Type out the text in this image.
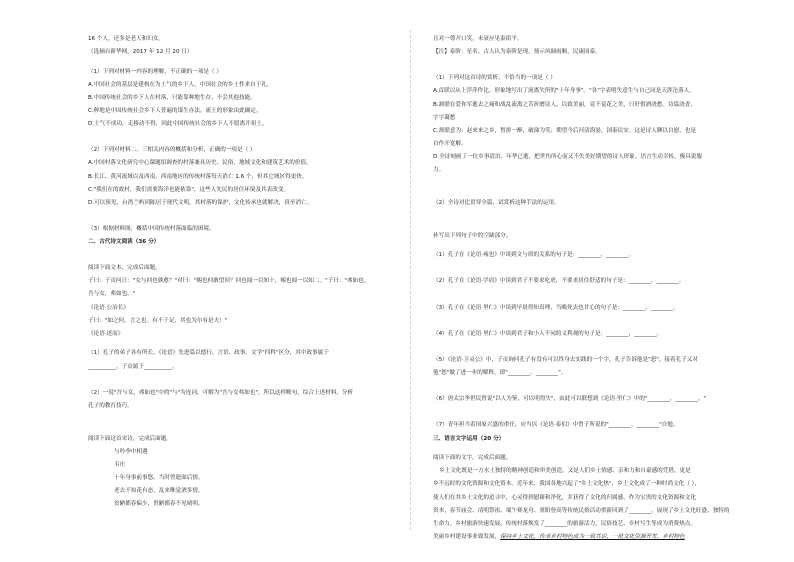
16 个人，还多是老人和妇女。

（选摘自新华网，2017 年 12 月 20 日）

（1）下列对材料一内容的理解，不正确的一项是（ ）

A.中国社会的基层是建构在为土气的乡下人，中国社会的乡土性来自于礼。

B.中国传统社会的乡下人在村落，只能靠种地生存，不会其他技能。

C.种地是中国传统社会乡下人普遍的谋生办法，流土的形象由此确定。

D.土气不成功，走移动不得，因此中国传统社会的乡下人不愿离开祖土。

（2）下列对材料二、三相关内容的概括和分析，正确的一项是（ ）

A.中国村落文化研究中心课题组调查的村落兼具历史、民俗，地域文化和建筑艺术的价值。

B.长江、黄河流域以及西南、西南地区的传统村落每天消亡 1.6 个，但其它域区得更快。

C."我们在的故村，我们需要海洋也能依靠"，这些人先民的居住环境及其表改变。

D.可以预见，台湾兰屿因陈居于现代文明，其村落的保护、文化传承也就解决，真至消亡。

（3）根据材料图，概括中国传统村落面临的困境。

二、古代诗文阅读（36 分）

阅读下面文本，完成后面题。

子曰：子贡问日："女与回也孰愈？"对曰："赐也何敢望回？回也闻一以知十，赐也闻一以知二。"子曰："弗如也。

吾与女，弗如也。"

《论语·公冶长》

子曰："如之何，言之也。有不于足，其也为尔有是夫！"

《论语·述而》

（1）孔子的弟子各有所长，《论语》先进篇以德行、言语、政事、文学"四科"区分，其中政事属于

__________，子贡属于__________。

（2）一说"吾与女，弗如也"中的"与"为连词，可解为"吾与女弗如也"，所以这样断句。综合上述材料，分析

孔子的教育技巧。

阅读下面这首宋诗，完成后面题。

与吟李中相遇

韦庄

十年身事前事悠，当时曾逝面后情。

老去不知花有态，乱来唯觉酒多情。

贫陋都春偏少，贵陋都春不见晴明。

且对一尊开口笑，未衰应见泰街平。

【注】泰阶：星名。古人认为泰阶是现，预示风调雨顺，民康国泰。

（1）下列对这首诗的赏析，不恰当的一项是（ ）

A.首联以从上浮萍作比，形象地写出了流离失所的"十年身事"。"各"字表明失意生与自己同是天涯沦落人。

B.颔联在爱你军逝去之痛和战乱流离之苦折磨诗人，以致美丽，竟不觉花之美，只好借酒浇愁。诗篇浇香，

字字凝愁

C.颈联意为：赵来来之乡，暂拼一醉，破涕为笑；期望今后河清海晏，国泰民安。这是诗人聊以自慰，也是

自作开宽解。

D.全诗刻画了一位乡事清泊、年华已逝，把世伤所心而又不失美好期望的诗人形象。语言生动幸转，极具说服

力。

（2）全诗对比贯穿全篇，试赏析这种手法的运用。

补写出下列句子中的空缺部分。

（1）孔子在《论语·雍也》中谈到文与质的关系的句子是：________，________。

（2）孔子在《论语·学而》中谈到君子不要求吃虐，不要求居住舒适的句子是：________，________。

（3）孔子在《论语·里仁》中谈到早晨得知真理，当晚死去也甘心的句子是：________，________。

（4）孔子在《论语·里仁》中谈到君子和小人不同的义利观的句子是：________，________。

（5）《论语·卫灵公》中，子贡询问孔子有没有可以终身去实践的一个字，孔子告诉他是"恕"，接着孔子又对

他"恕"做了进一步的解释，即"________，________"。

（6）唐太宗李世民曾说"以人为鉴，可以明得失"，由此可以联想到《论语·里仁》中的"________，________。"

（7）青年担当着国家兴盛的重任，应当以《论语·泰伯》中曾子所说的"________，________"自勉。

三、语言文字运用（20 分）

阅读下面的文字，完成后面题。

乡土文化既是一方水土独特的精神创造和审美创造，又是人们乡土情感、亲和力和自豪感的凭借，更是

乡不远时的文化资源和文化资本。近年来，我国各地兴起了"乡土文化热"，乡土文化成了一种时尚文化（ ），

使人们在其乡土文化的追寻中，心灵得到慰藉和净化，并获得了文化的归属感。作为宝贵的文化资源和文化

资本，春节庙会、清明祭祖、端午赛龙舟、重阳登高等传统民俗活动重新回到了________，展现了乡土文化旺盛、独特的

生命力。乡村旅游快速发展，传统村落焕发了________的旅游活力，民俗技艺、乡村写生等成为消费热点。

美丽乡村建设事业致发展，保持乡土文化，传承乡村特色成为一致共识，一批文化资源开发、乡村特色
